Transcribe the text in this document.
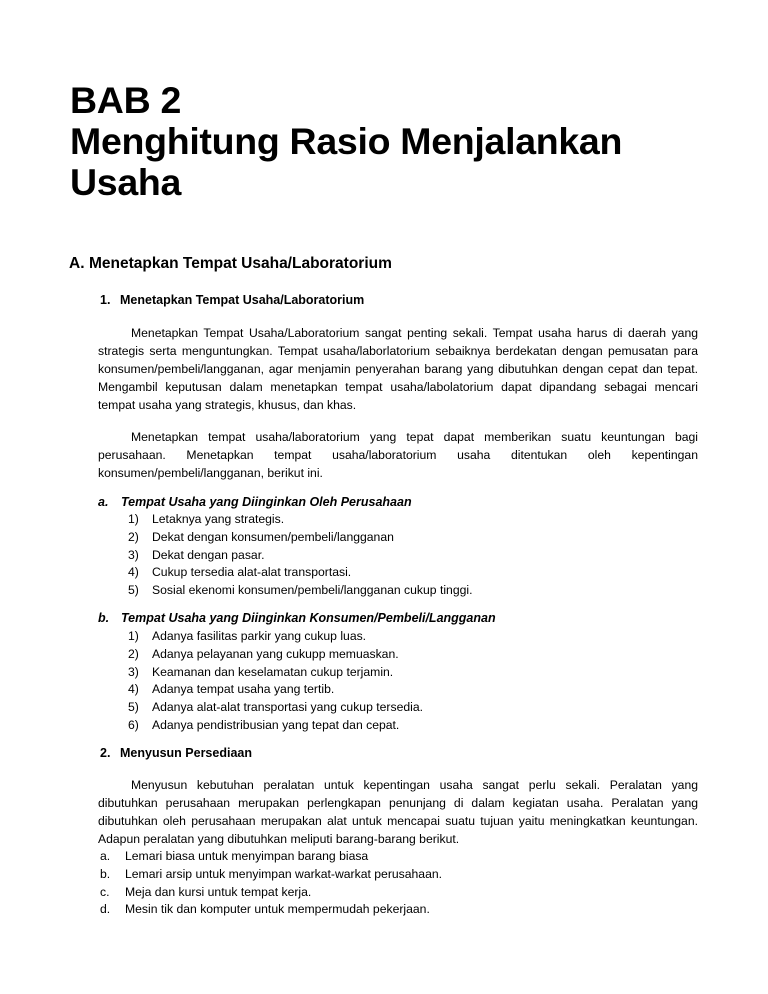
BAB 2
Menghitung Rasio Menjalankan
Usaha
A. Menetapkan Tempat Usaha/Laboratorium
1. Menetapkan Tempat Usaha/Laboratorium

Menetapkan Tempat Usaha/Laboratorium sangat penting sekali. Tempat usaha harus di daerah yang strategis serta menguntungkan. Tempat usaha/laborlatorium sebaiknya berdekatan dengan pemusatan para konsumen/pembeli/langganan, agar menjamin penyerahan barang yang dibutuhkan dengan cepat dan tepat. Mengambil keputusan dalam menetapkan tempat usaha/labolatorium dapat dipandang sebagai mencari tempat usaha yang strategis, khusus, dan khas.

Menetapkan tempat usaha/laboratorium yang tepat dapat memberikan suatu keuntungan bagi perusahaan. Menetapkan tempat usaha/laboratorium usaha ditentukan oleh kepentingan konsumen/pembeli/langganan, berikut ini.

a. Tempat Usaha yang Diinginkan Oleh Perusahaan
1) Letaknya yang strategis.
2) Dekat dengan konsumen/pembeli/langganan
3) Dekat dengan pasar.
4) Cukup tersedia alat-alat transportasi.
5) Sosial ekenomi konsumen/pembeli/langganan cukup tinggi.
b. Tempat Usaha yang Diinginkan Konsumen/Pembeli/Langganan
1) Adanya fasilitas parkir yang cukup luas.
2) Adanya pelayanan yang cukupp memuaskan.
3) Keamanan dan keselamatan cukup terjamin.
4) Adanya tempat usaha yang tertib.
5) Adanya alat-alat transportasi yang cukup tersedia.
6) Adanya pendistribusian yang tepat dan cepat.
2. Menyusun Persediaan

Menyusun kebutuhan peralatan untuk kepentingan usaha sangat perlu sekali. Peralatan yang dibutuhkan perusahaan merupakan perlengkapan penunjang di dalam kegiatan usaha. Peralatan yang dibutuhkan oleh perusahaan merupakan alat untuk mencapai suatu tujuan yaitu meningkatkan keuntungan. Adapun peralatan yang dibutuhkan meliputi barang-barang berikut.

a. Lemari biasa untuk menyimpan barang biasa
b. Lemari arsip untuk menyimpan warkat-warkat perusahaan.
c. Meja dan kursi untuk tempat kerja.
d. Mesin tik dan komputer untuk mempermudah pekerjaan.
